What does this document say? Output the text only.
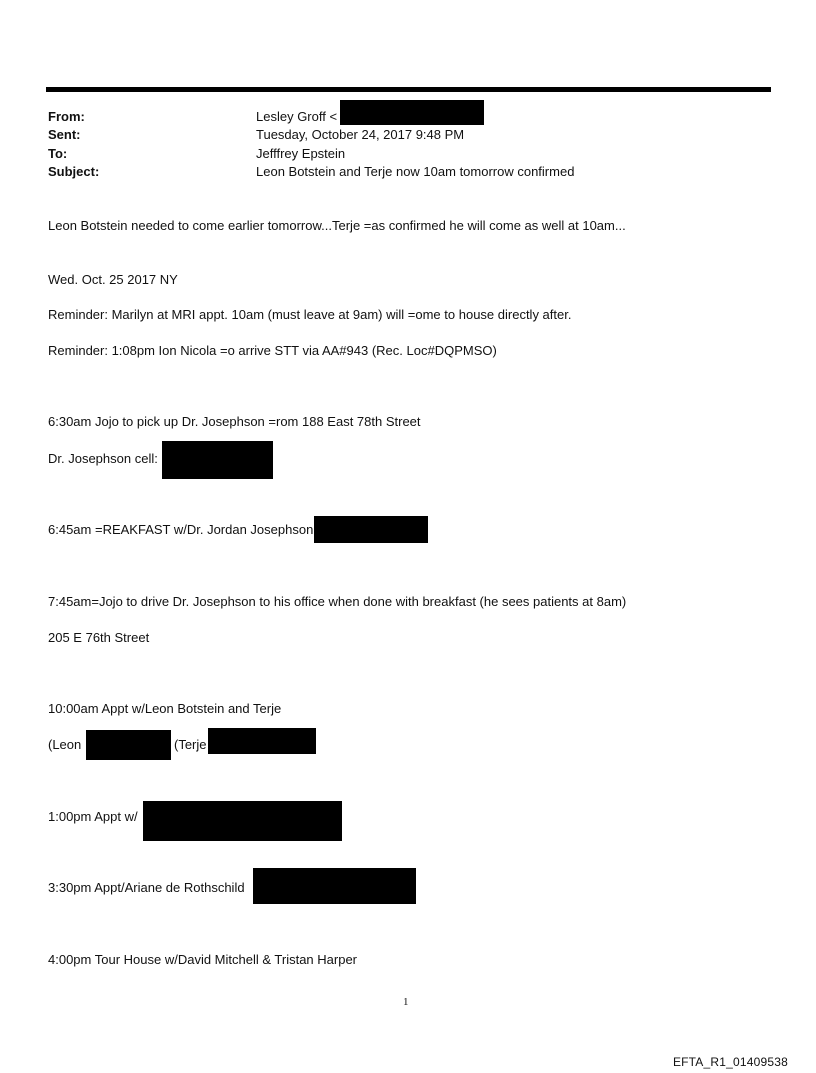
From:	Lesley Groff <
Sent:	Tuesday, October 24, 2017 9:48 PM
To:	Jefffrey Epstein
Subject:	Leon Botstein and Terje now 10am tomorrow confirmed
Leon Botstein needed to come earlier tomorrow...Terje =as confirmed he will come as well at 10am...
Wed. Oct. 25 2017 NY
Reminder: Marilyn at MRI appt. 10am (must leave at 9am) will =ome to house directly after.
Reminder: 1:08pm Ion Nicola =o arrive STT via AA#943 (Rec. Loc#DQPMSO)
6:30am Jojo to pick up Dr. Josephson =rom 188 East 78th Street
Dr. Josephson cell:
6:45am =REAKFAST w/Dr. Jordan Josephson
7:45am=Jojo to drive Dr. Josephson to his office when done with breakfast (he sees patients at 8am)
205 E 76th Street
10:00am Appt w/Leon Botstein and Terje
(Leon	(Terje
1:00pm Appt w/
3:30pm Appt/Ariane de Rothschild
4:00pm Tour House w/David Mitchell & Tristan Harper
1
EFTA_R1_01409538
